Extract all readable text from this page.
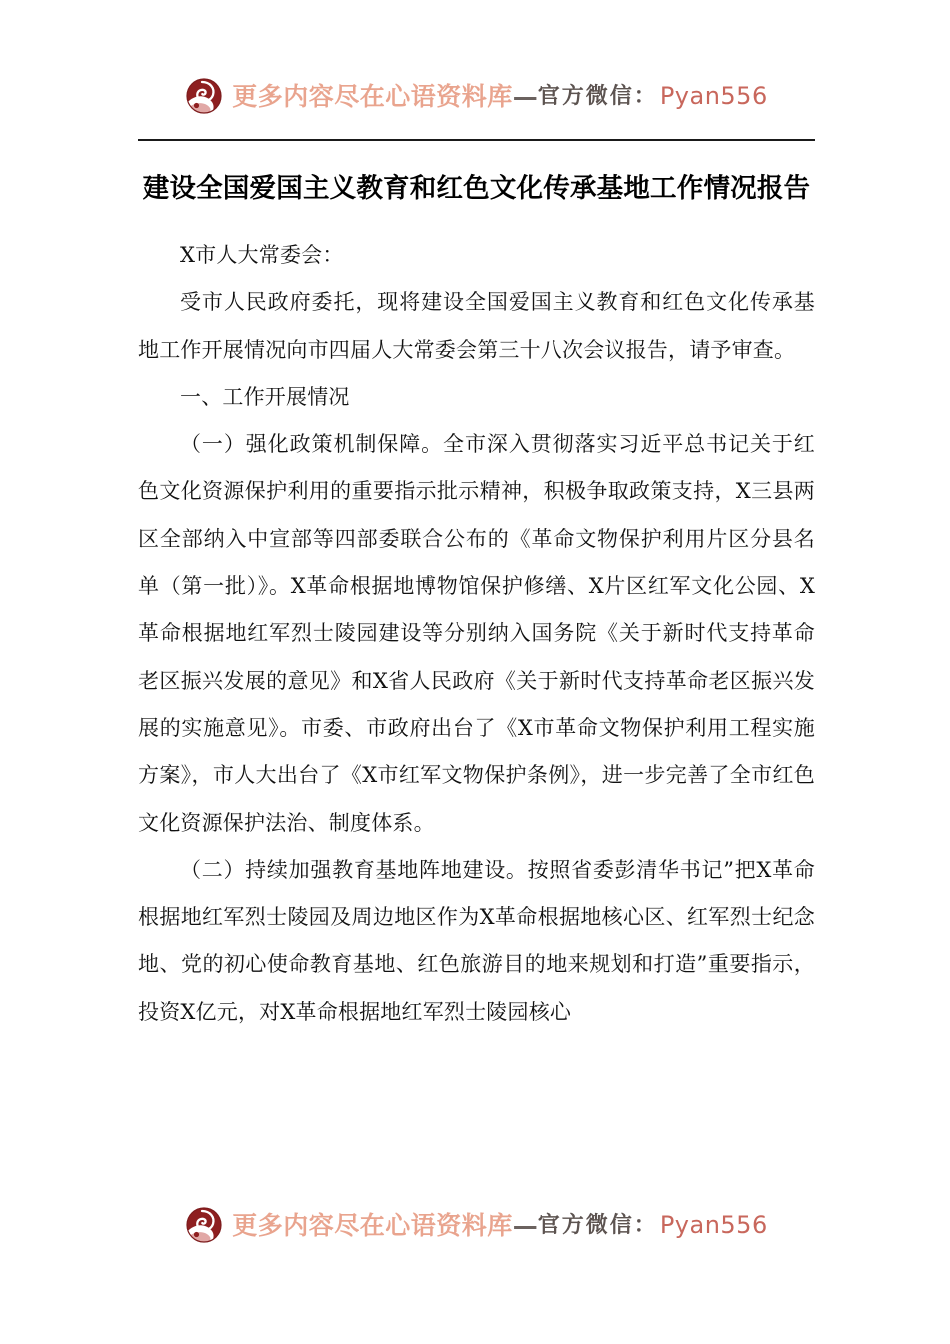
更多内容尽在心语资料库 — 官方微信： Pyan556
建设全国爱国主义教育和红色文化传承基地工作情况报告

X市人大常委会：

受市人民政府委托，现将建设全国爱国主义教育和红色文化传承基地工作开展情况向市四届人大常委会第三十八次会议报告，请予审查。

一、工作开展情况

（一）强化政策机制保障。全市深入贯彻落实习近平总书记关于红色文化资源保护利用的重要指示批示精神，积极争取政策支持，X三县两区全部纳入中宣部等四部委联合公布的《革命文物保护利用片区分县名单（第一批）》。X革命根据地博物馆保护修缮、X片区红军文化公园、X革命根据地红军烈士陵园建设等分别纳入国务院《关于新时代支持革命老区振兴发展的意见》和X省人民政府《关于新时代支持革命老区振兴发展的实施意见》。市委、市政府出台了《X市革命文物保护利用工程实施方案》，市人大出台了《X市红军文物保护条例》，进一步完善了全市红色文化资源保护法治、制度体系。

（二）持续加强教育基地阵地建设。按照省委彭清华书记”把X革命根据地红军烈士陵园及周边地区作为X革命根据地核心区、红军烈士纪念地、党的初心使命教育基地、红色旅游目的地来规划和打造”重要指示，投资X亿元，对X革命根据地红军烈士陵园核心

更多内容尽在心语资料库 — 官方微信： Pyan556
